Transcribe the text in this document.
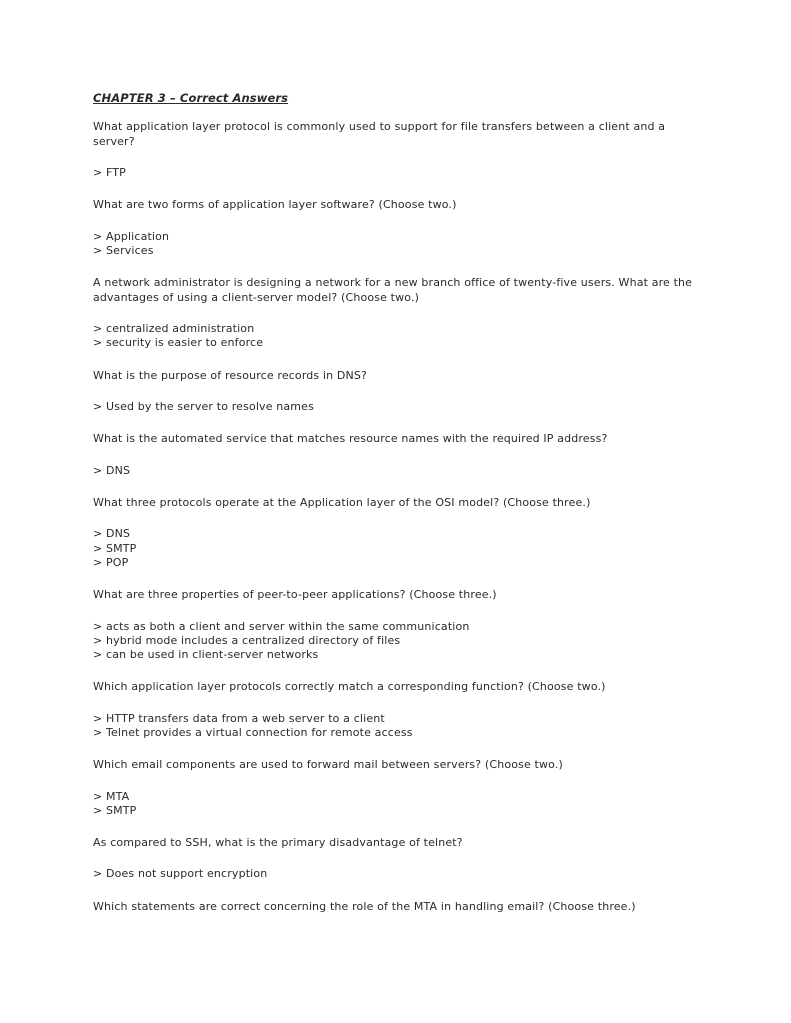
CHAPTER 3 – Correct Answers

What application layer protocol is commonly used to support for file transfers between a client and a server?

> FTP

What are two forms of application layer software? (Choose two.)

> Application
> Services

A network administrator is designing a network for a new branch office of twenty-five users. What are the advantages of using a client-server model? (Choose two.)

> centralized administration
> security is easier to enforce

What is the purpose of resource records in DNS?

> Used by the server to resolve names

What is the automated service that matches resource names with the required IP address?

> DNS

What three protocols operate at the Application layer of the OSI model? (Choose three.)

> DNS
> SMTP
> POP

What are three properties of peer-to-peer applications? (Choose three.)

> acts as both a client and server within the same communication
> hybrid mode includes a centralized directory of files
> can be used in client-server networks

Which application layer protocols correctly match a corresponding function? (Choose two.)

> HTTP transfers data from a web server to a client
> Telnet provides a virtual connection for remote access

Which email components are used to forward mail between servers? (Choose two.)

> MTA
> SMTP

As compared to SSH, what is the primary disadvantage of telnet?

> Does not support encryption

Which statements are correct concerning the role of the MTA in handling email? (Choose three.)
